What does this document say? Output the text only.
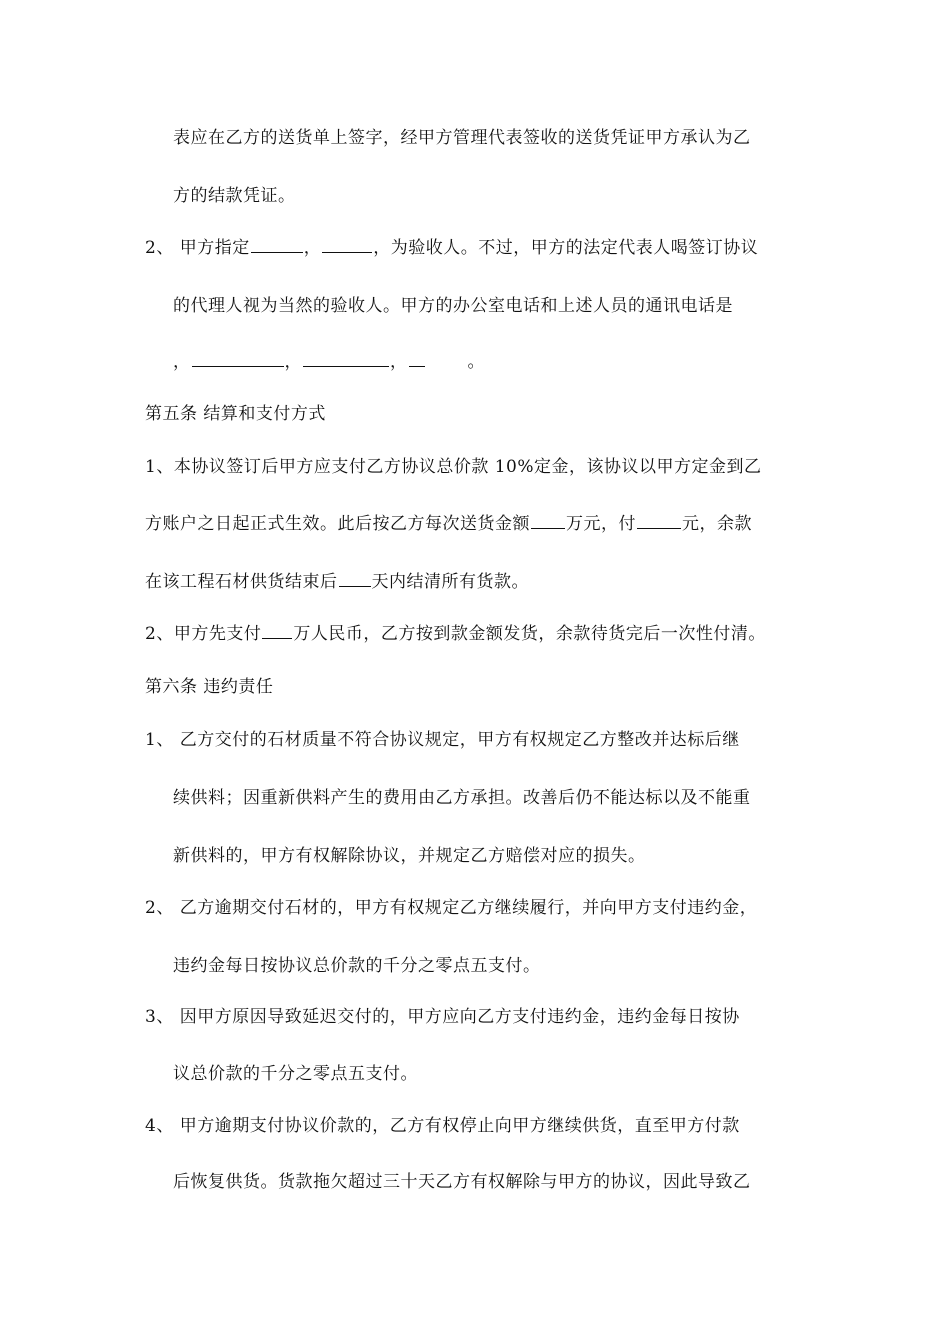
表应在乙方的送货单上签字，经甲方管理代表签收的送货凭证甲方承认为乙
方的结款凭证。
2、 甲方指定	，	，为验收人。不过，甲方的法定代表人喝签订协议
的代理人视为当然的验收人。甲方的办公室电话和上述人员的通讯电话是
，	，	，	。
第五条 结算和支付方式
1、本协议签订后甲方应支付乙方协议总价款 10%定金，该协议以甲方定金到乙
方账户之日起正式生效。此后按乙方每次送货金额 万元，付	元，余款
在该工程石材供货结束后 天内结清所有货款。
2、甲方先支付 万人民币，乙方按到款金额发货，余款待货完后一次性付清。
第六条 违约责任
1、 乙方交付的石材质量不符合协议规定，甲方有权规定乙方整改并达标后继
续供料；因重新供料产生的费用由乙方承担。改善后仍不能达标以及不能重
新供料的，甲方有权解除协议，并规定乙方赔偿对应的损失。
2、 乙方逾期交付石材的，甲方有权规定乙方继续履行，并向甲方支付违约金，
违约金每日按协议总价款的千分之零点五支付。
3、 因甲方原因导致延迟交付的，甲方应向乙方支付违约金，违约金每日按协
议总价款的千分之零点五支付。
4、 甲方逾期支付协议价款的，乙方有权停止向甲方继续供货，直至甲方付款
后恢复供货。货款拖欠超过三十天乙方有权解除与甲方的协议，因此导致乙
